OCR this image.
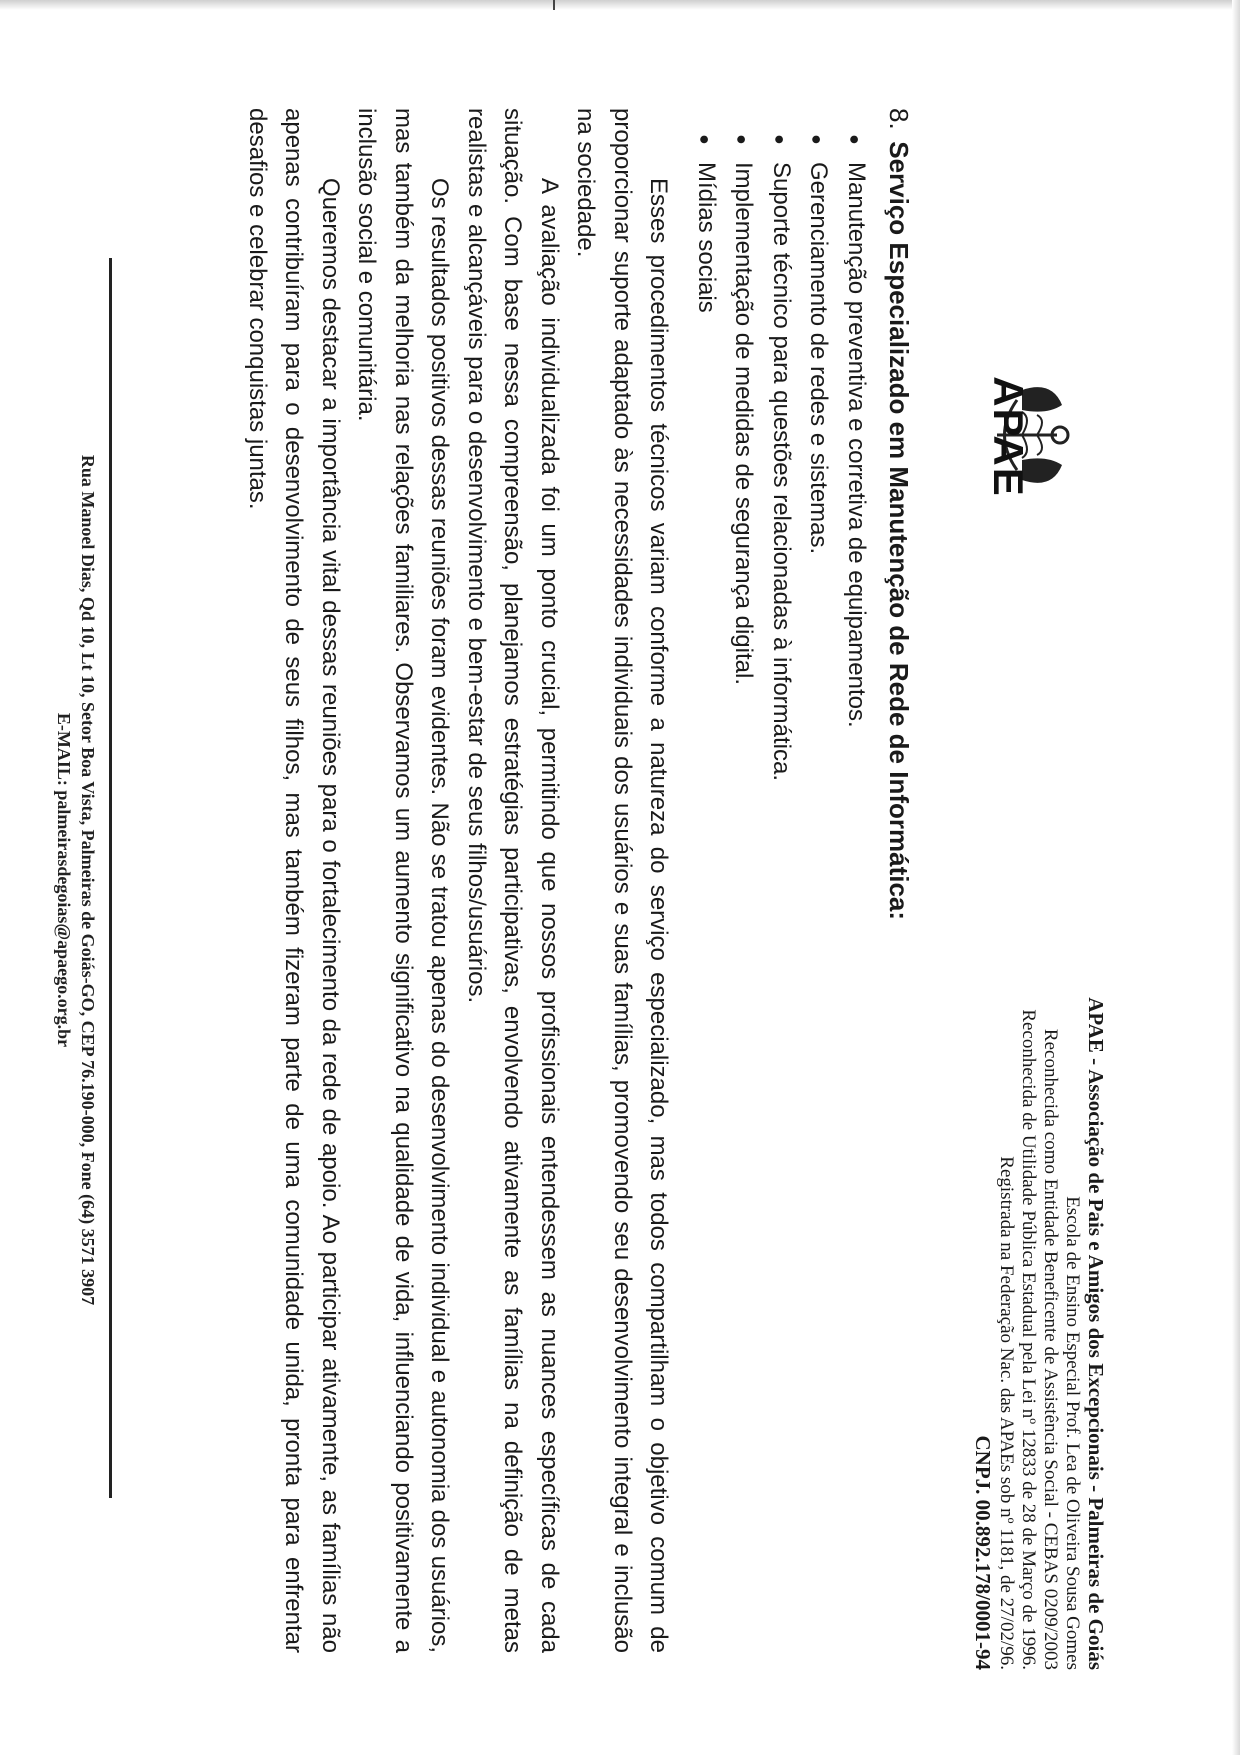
APAE
APAE - Associação de Pais e Amigos dos Excepcionais - Palmeiras de Goiás
Escola de Ensino Especial Prof. Lea de Oliveira Sousa Gomes
Reconhecida como Entidade Beneficente de Assistência Social - CEBAS 0209/2003
Reconhecida de Utilidade Pública Estadual pela Lei nº 12833 de 28 de Março de 1996.
Registrada na Federação Nac. das APAEs sob nº 1181, de 27/02/96.
CNPJ. 00.892.178/0001-94
8. Serviço Especializado em Manutenção de Rede de Informática:
●
Manutenção preventiva e corretiva de equipamentos.
●
Gerenciamento de redes e sistemas.
●
Suporte técnico para questões relacionadas à informática.
●
Implementação de medidas de segurança digital.
●
Mídias sociais

Esses procedimentos técnicos variam conforme a natureza do serviço especializado, mas todos compartilham o objetivo comum de proporcionar suporte adaptado às necessidades individuais dos usuários e suas famílias, promovendo seu desenvolvimento integral e inclusão na sociedade.

A avaliação individualizada foi um ponto crucial, permitindo que nossos profissionais entendessem as nuances específicas de cada situação. Com base nessa compreensão, planejamos estratégias participativas, envolvendo ativamente as famílias na definição de metas realistas e alcançáveis para o desenvolvimento e bem-estar de seus filhos/usuários.

Os resultados positivos dessas reuniões foram evidentes. Não se tratou apenas do desenvolvimento individual e autonomia dos usuários, mas também da melhoria nas relações familiares. Observamos um aumento significativo na qualidade de vida, influenciando positivamente a inclusão social e comunitária.

Queremos destacar a importância vital dessas reuniões para o fortalecimento da rede de apoio. Ao participar ativamente, as famílias não apenas contribuíram para o desenvolvimento de seus filhos, mas também fizeram parte de uma comunidade unida, pronta para enfrentar desafios e celebrar conquistas juntas.

Rua Manoel Dias, Qd 10, Lt 10, Setor Boa Vista, Palmeiras de Goiás-GO, CEP 76.190-000, Fone (64) 3571 3907
E-MAIL: palmeirasdegoias@apaego.org.br
